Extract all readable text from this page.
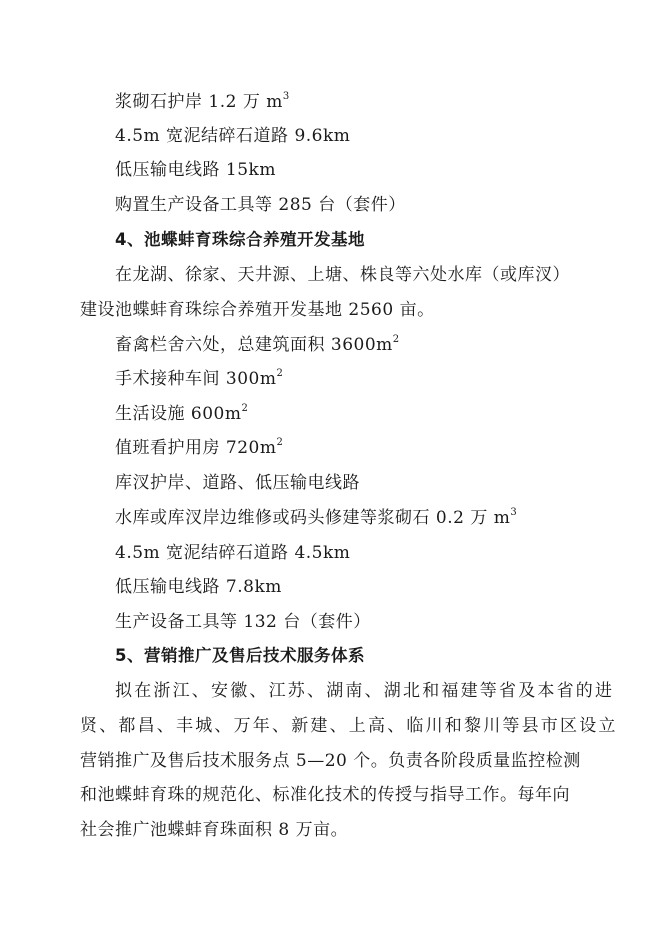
浆砌石护岸 1.2 万 $m^3$
4.5m 宽泥结碎石道路 9.6km
低压输电线路 15km
购置生产设备工具等 285 台（套件）
4、池蝶蚌育珠综合养殖开发基地
在龙湖、徐家、天井源、上塘、株良等六处水库（或库汊）
建设池蝶蚌育珠综合养殖开发基地 2560 亩。
畜禽栏舍六处，总建筑面积 $3600m^2$
手术接种车间 $300m^2$
生活设施 $600m^2$
值班看护用房 $720m^2$
库汊护岸、道路、低压输电线路
水库或库汊岸边维修或码头修建等浆砌石 0.2 万 $m^3$
4.5m 宽泥结碎石道路 4.5km
低压输电线路 7.8km
生产设备工具等 132 台（套件）
5、营销推广及售后技术服务体系
拟在浙江、安徽、江苏、湖南、湖北和福建等省及本省的进
贤、都昌、丰城、万年、新建、上高、临川和黎川等县市区设立
营销推广及售后技术服务点 5—20 个。负责各阶段质量监控检测
和池蝶蚌育珠的规范化、标准化技术的传授与指导工作。每年向
社会推广池蝶蚌育珠面积 8 万亩。
